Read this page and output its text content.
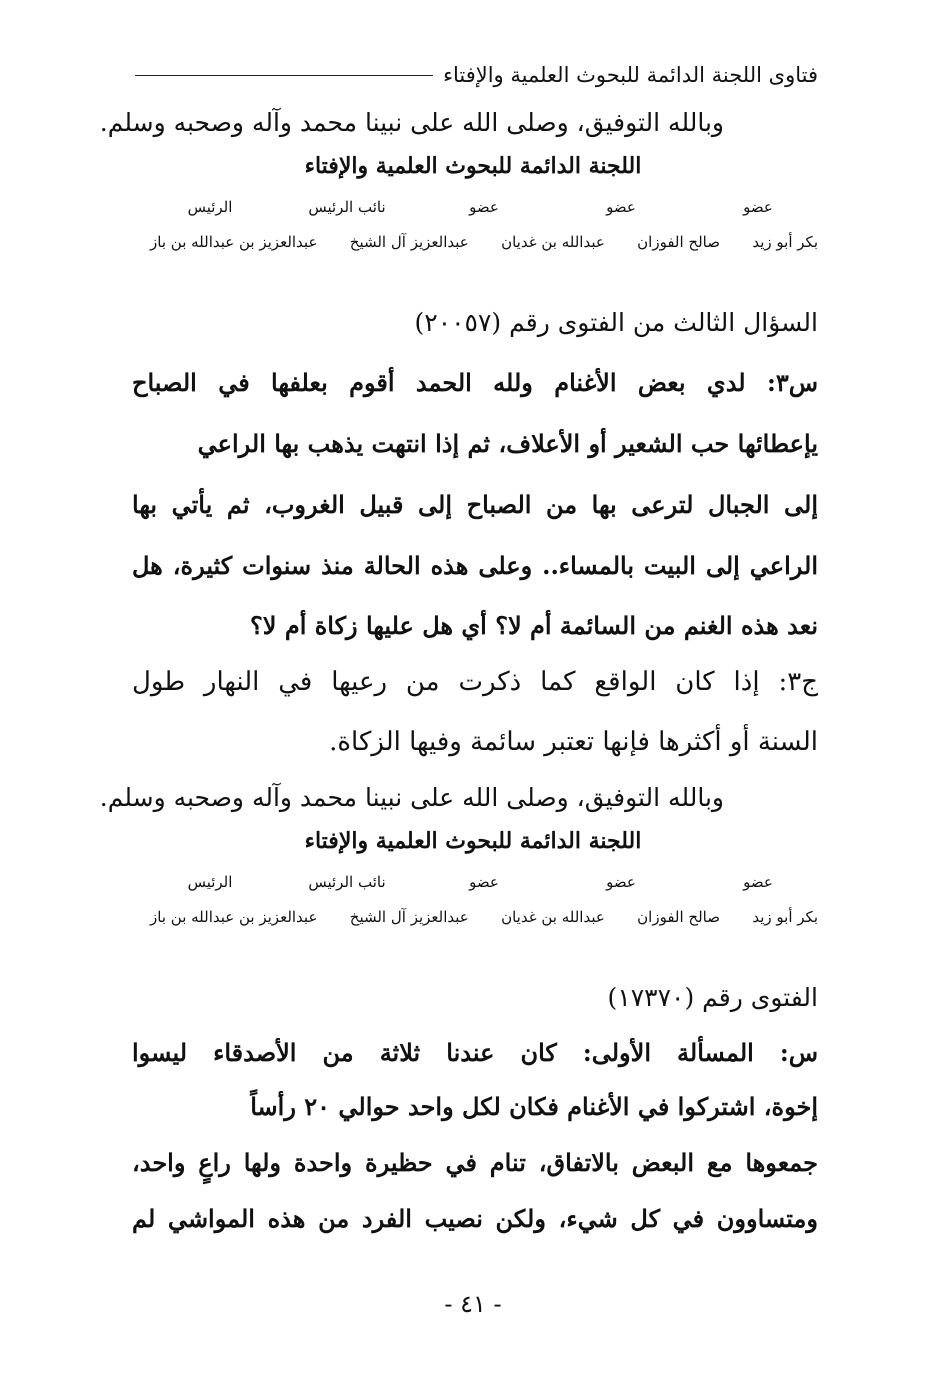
فتاوى اللجنة الدائمة للبحوث العلمية والإفتاء
وبالله التوفيق، وصلى الله على نبينا محمد وآله وصحبه وسلم.
اللجنة الدائمة للبحوث العلمية والإفتاء
عضو
عضو
عضو
نائب الرئيس
الرئيس
بكر أبو زيد
صالح الفوزان
عبدالله بن غديان
عبدالعزيز آل الشيخ
عبدالعزيز بن عبدالله بن باز
السؤال الثالث من الفتوى رقم (٢٠٠٥٧)
س٣: لدي بعض الأغنام ولله الحمد أقوم بعلفها في الصباح
يإعطائها حب الشعير أو الأعلاف، ثم إذا انتهت يذهب بها الراعي
إلى الجبال لترعى بها من الصباح إلى قبيل الغروب، ثم يأتي بها
الراعي إلى البيت بالمساء.. وعلى هذه الحالة منذ سنوات كثيرة، هل
نعد هذه الغنم من السائمة أم لا؟ أي هل عليها زكاة أم لا؟
ج٣: إذا كان الواقع كما ذكرت من رعيها في النهار طول
السنة أو أكثرها فإنها تعتبر سائمة وفيها الزكاة.
وبالله التوفيق، وصلى الله على نبينا محمد وآله وصحبه وسلم.
اللجنة الدائمة للبحوث العلمية والإفتاء
عضو
عضو
عضو
نائب الرئيس
الرئيس
بكر أبو زيد
صالح الفوزان
عبدالله بن غديان
عبدالعزيز آل الشيخ
عبدالعزيز بن عبدالله بن باز
الفتوى رقم (١٧٣٧٠)
س: المسألة الأولى: كان عندنا ثلاثة من الأصدقاء ليسوا
إخوة، اشتركوا في الأغنام فكان لكل واحد حوالي ٢٠ رأساً
جمعوها مع البعض بالاتفاق، تنام في حظيرة واحدة ولها راعٍ واحد،
ومتساوون في كل شيء، ولكن نصيب الفرد من هذه المواشي لم
- ٤١ -
